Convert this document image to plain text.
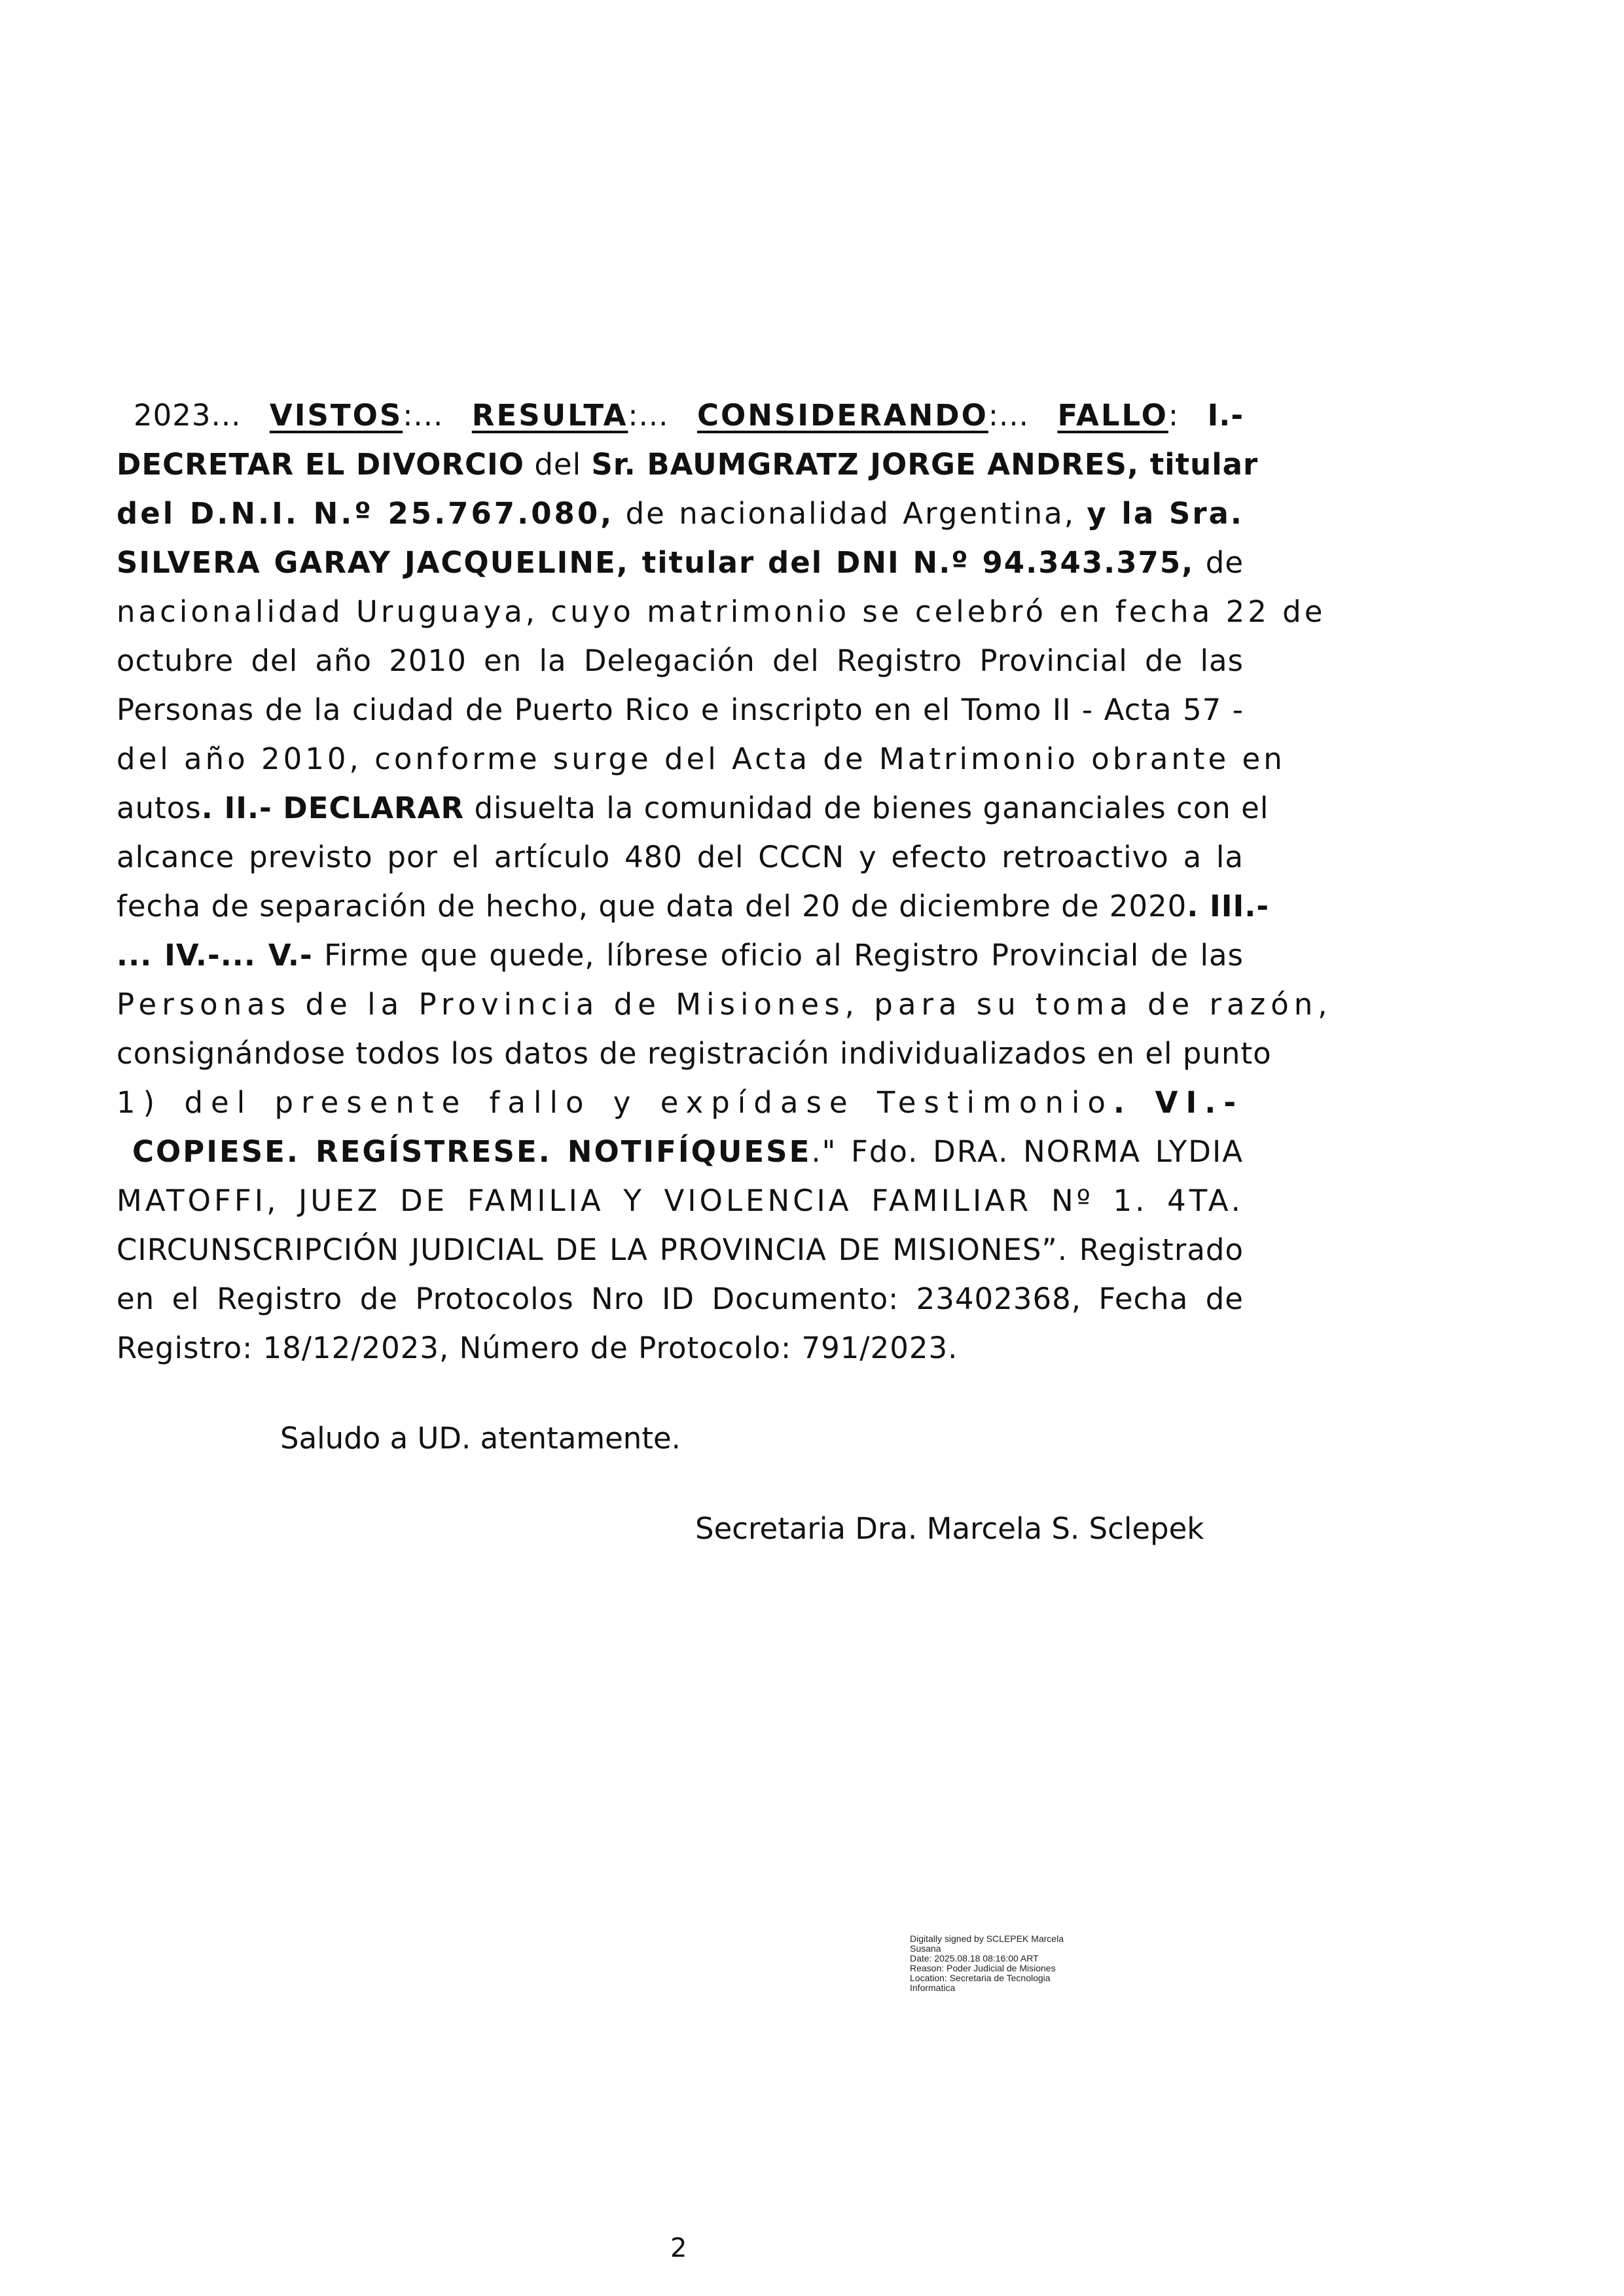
2023... VISTOS:... RESULTA:... CONSIDERANDO:... FALLO: I.-
DECRETAR EL DIVORCIO del Sr. BAUMGRATZ JORGE ANDRES, titular
del D.N.I. N.º 25.767.080, de nacionalidad Argentina, y la Sra.
SILVERA GARAY JACQUELINE, titular del DNI N.º 94.343.375, de
nacionalidad Uruguaya, cuyo matrimonio se celebró en fecha 22 de
octubre del año 2010 en la Delegación del Registro Provincial de las
Personas de la ciudad de Puerto Rico e inscripto en el Tomo II - Acta 57 -
del año 2010, conforme surge del Acta de Matrimonio obrante en
autos. II.- DECLARAR disuelta la comunidad de bienes gananciales con el
alcance previsto por el artículo 480 del CCCN y efecto retroactivo a la
fecha de separación de hecho, que data del 20 de diciembre de 2020. III.-
... IV.-... V.- Firme que quede, líbrese oficio al Registro Provincial de las
Personas de la Provincia de Misiones, para su toma de razón,
consignándose todos los datos de registración individualizados en el punto
1) del presente fallo y expídase Testimonio. VI.-
COPIESE. REGÍSTRESE. NOTIFÍQUESE." Fdo. DRA. NORMA LYDIA
MATOFFI, JUEZ DE FAMILIA Y VIOLENCIA FAMILIAR Nº 1. 4TA.
CIRCUNSCRIPCIÓN JUDICIAL DE LA PROVINCIA DE MISIONES”. Registrado
en el Registro de Protocolos Nro ID Documento: 23402368, Fecha de
Registro: 18/12/2023, Número de Protocolo: 791/2023.
Saludo a UD. atentamente.
Secretaria Dra. Marcela S. Sclepek
Digitally signed by SCLEPEK Marcela
Susana
Date: 2025.08.18 08:16:00 ART
Reason: Poder Judicial de Misiones
Location: Secretaria de Tecnologia
Informatica
2
